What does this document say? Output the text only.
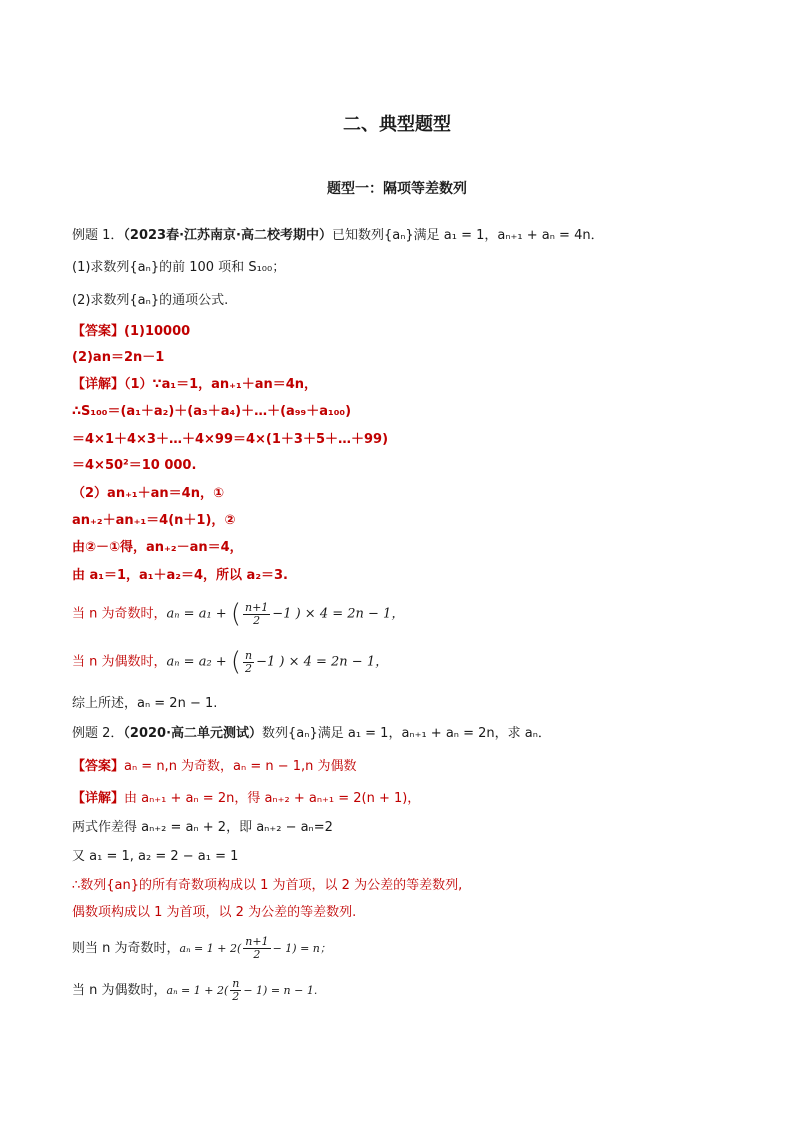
二、典型题型
题型一：隔项等差数列
例题 1．（2023春·江苏南京·高二校考期中）已知数列{aₙ}满足 a₁ = 1，aₙ₊₁ + aₙ = 4n．
(1)求数列{aₙ}的前 100 项和 S₁₀₀；
(2)求数列{aₙ}的通项公式.
【答案】(1)10000
(2)an＝2n－1
【详解】（1）∵a₁＝1，an₊₁＋an＝4n，
∴S₁₀₀＝(a₁＋a₂)＋(a₃＋a₄)＋…＋(a₉₉＋a₁₀₀)
＝4×1＋4×3＋…＋4×99＝4×(1＋3＋5＋…＋99)
＝4×50²＝10 000.
（2）an₊₁＋an＝4n，①
an₊₂＋an₊₁＝4(n＋1)，②
由②－①得，an₊₂－an＝4，
由 a₁＝1，a₁＋a₂＝4，所以 a₂＝3.
当 n 为奇数时，aₙ = a₁ + ( $\frac{n+1}{2} -1$ ) × 4 = 2n − 1，
当 n 为偶数时，aₙ = a₂ + ( $\frac{n}{2} -1$ ) × 4 = 2n − 1，
综上所述，aₙ = 2n − 1.
例题 2．（2020·高二单元测试）数列{aₙ}满足 a₁ = 1，aₙ₊₁ + aₙ = 2n，求 aₙ．
【答案】aₙ = n,n 为奇数，aₙ = n − 1,n 为偶数
【详解】由 aₙ₊₁ + aₙ = 2n，得 aₙ₊₂ + aₙ₊₁ = 2(n + 1)，
两式作差得 aₙ₊₂ = aₙ + 2，即 aₙ₊₂ − aₙ=2
又 a₁ = 1, a₂ = 2 − a₁ = 1
∴数列{an}的所有奇数项构成以 1 为首项，以 2 为公差的等差数列,
偶数项构成以 1 为首项，以 2 为公差的等差数列.
则当 n 为奇数时，$a_n = 1 + 2( \frac{n+1}{2} - 1) = n$；
当 n 为偶数时，$a_n = 1 + 2( \frac{n}{2} - 1) = n - 1$.
